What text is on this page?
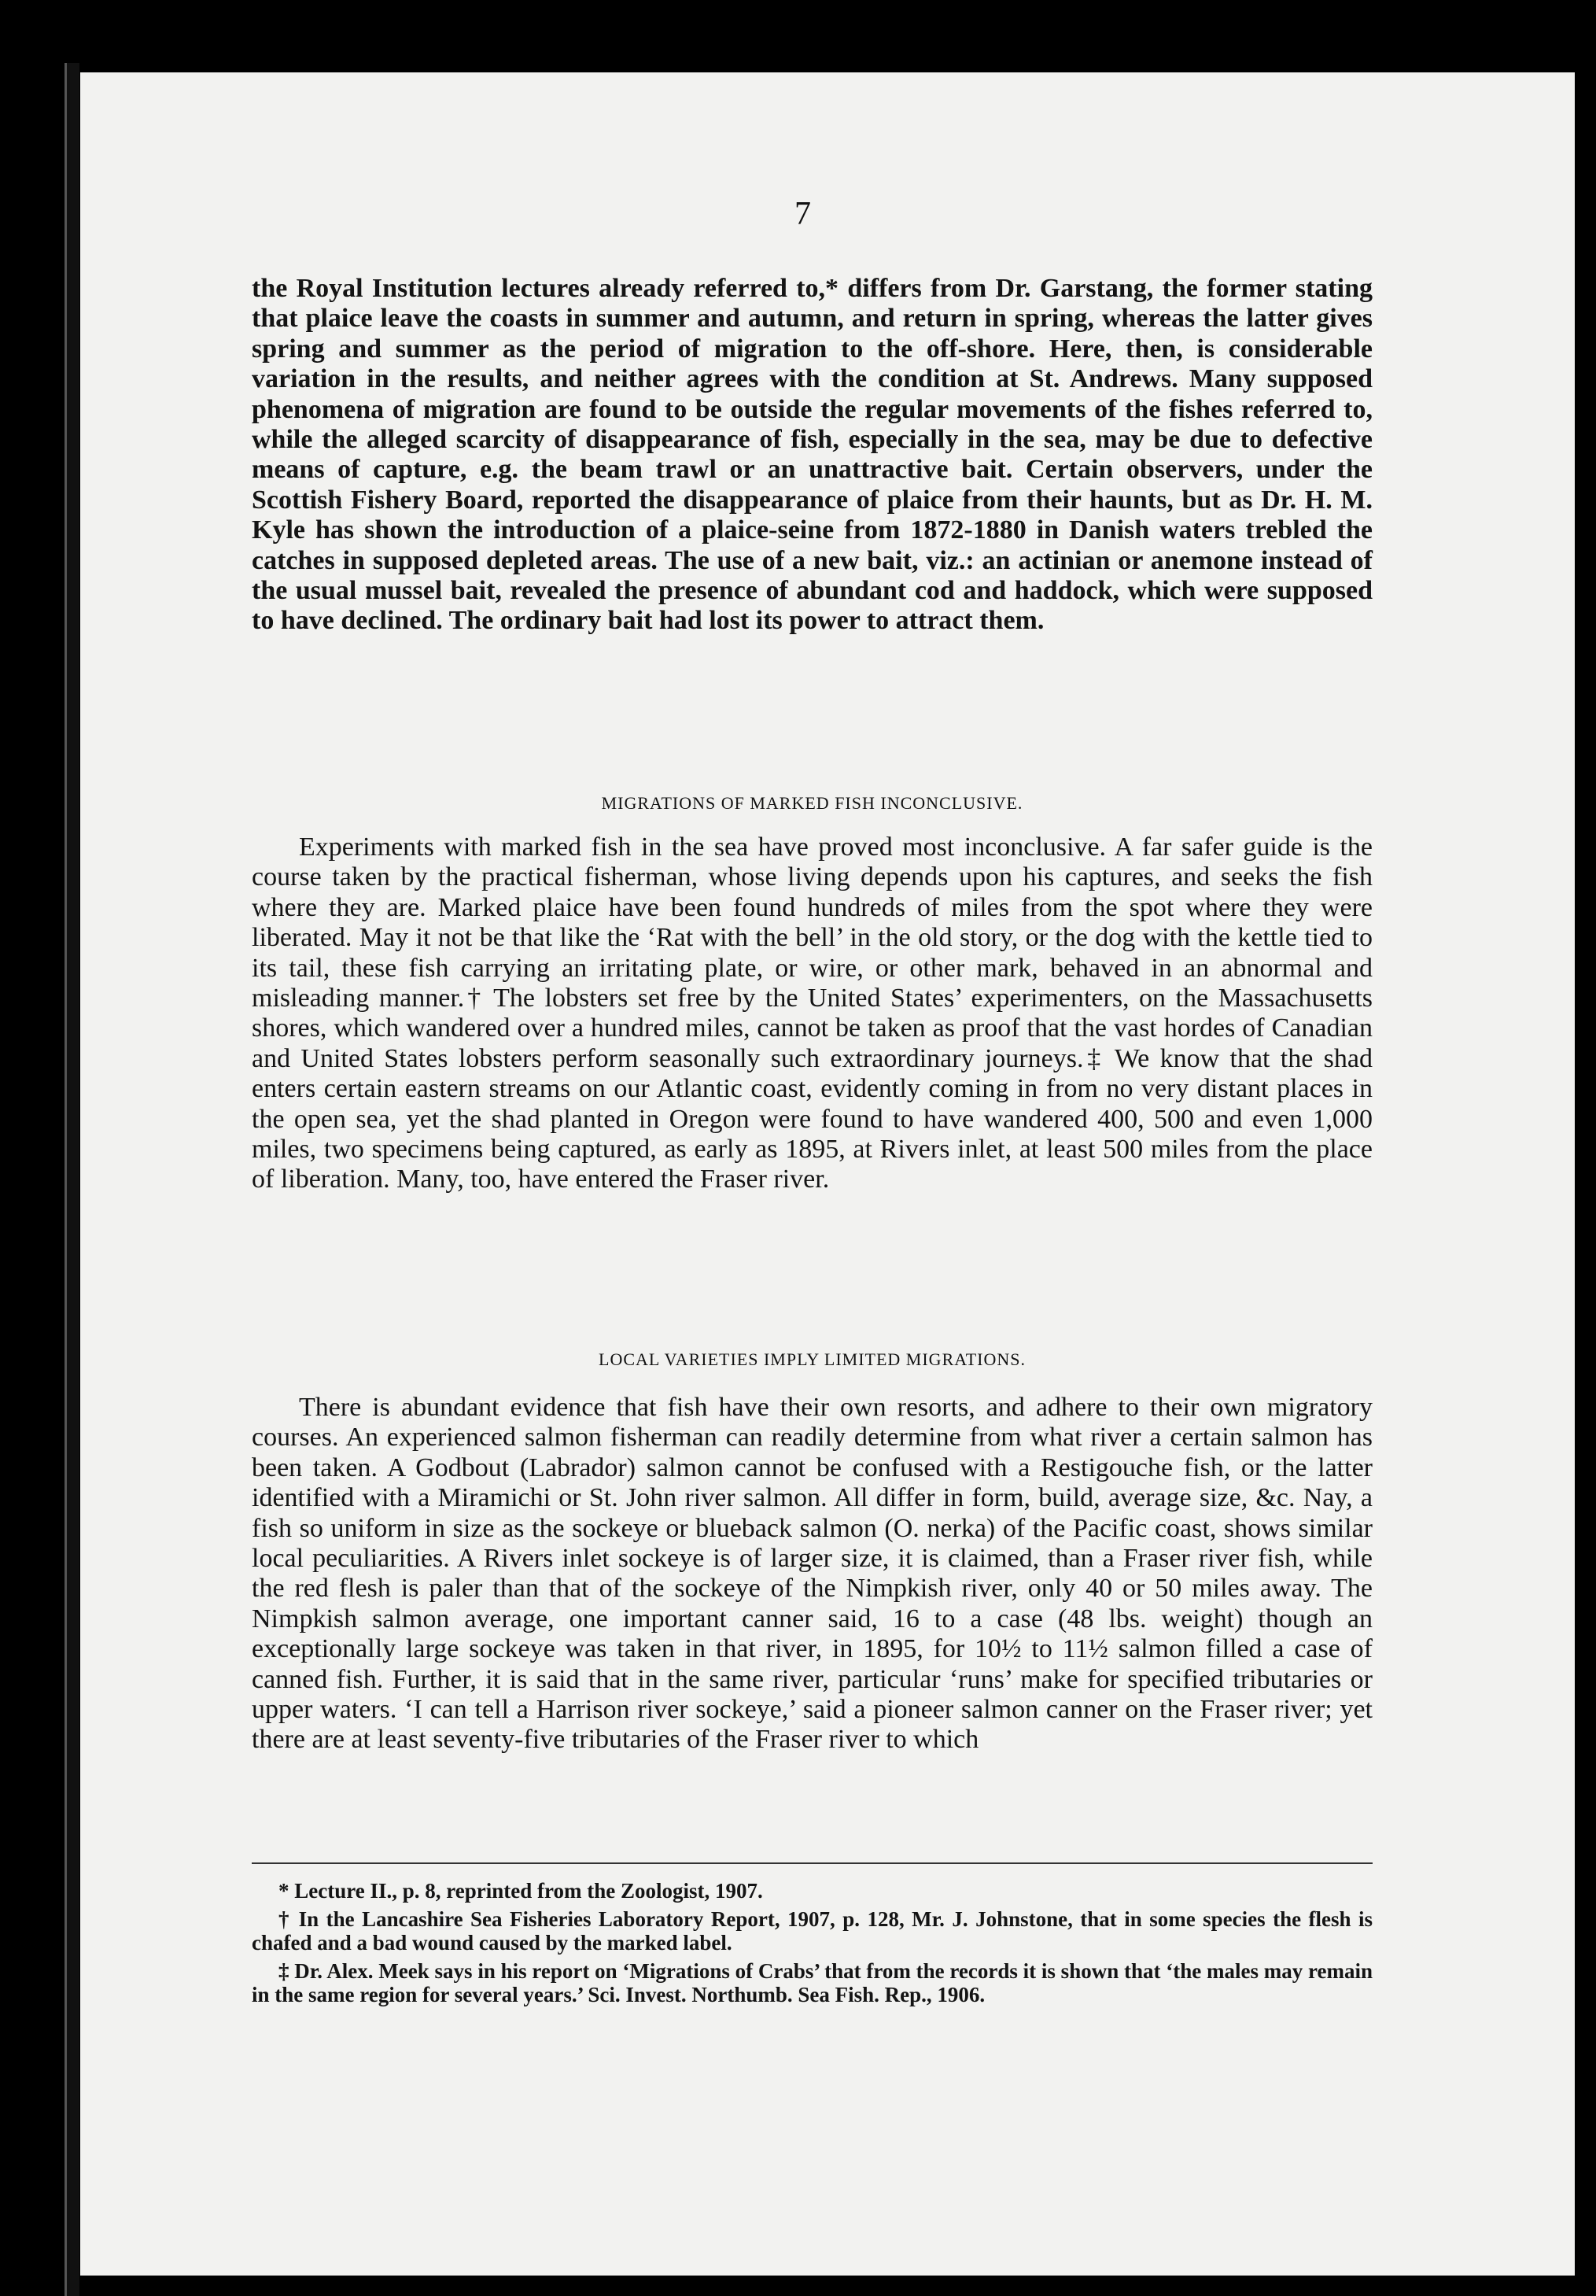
7

the Royal Institution lectures already referred to,* differs from Dr. Garstang, the former stating that plaice leave the coasts in summer and autumn, and return in spring, whereas the latter gives spring and summer as the period of migration to the off-shore. Here, then, is considerable variation in the results, and neither agrees with the condition at St. Andrews. Many supposed phenomena of migration are found to be outside the regular movements of the fishes referred to, while the alleged scarcity of disappearance of fish, especially in the sea, may be due to defective means of capture, e.g. the beam trawl or an unattractive bait. Certain observers, under the Scottish Fishery Board, reported the disappearance of plaice from their haunts, but as Dr. H. M. Kyle has shown the introduction of a plaice-seine from 1872-1880 in Danish waters trebled the catches in supposed depleted areas. The use of a new bait, viz.: an actinian or anemone instead of the usual mussel bait, revealed the presence of abundant cod and haddock, which were supposed to have declined. The ordinary bait had lost its power to attract them.

MIGRATIONS OF MARKED FISH INCONCLUSIVE.

Experiments with marked fish in the sea have proved most inconclusive. A far safer guide is the course taken by the practical fisherman, whose living depends upon his captures, and seeks the fish where they are. Marked plaice have been found hundreds of miles from the spot where they were liberated. May it not be that like the ‘Rat with the bell’ in the old story, or the dog with the kettle tied to its tail, these fish carrying an irritating plate, or wire, or other mark, behaved in an abnormal and misleading manner.† The lobsters set free by the United States’ experimenters, on the Massachusetts shores, which wandered over a hundred miles, cannot be taken as proof that the vast hordes of Canadian and United States lobsters perform seasonally such extraordinary journeys.‡ We know that the shad enters certain eastern streams on our Atlantic coast, evidently coming in from no very distant places in the open sea, yet the shad planted in Oregon were found to have wandered 400, 500 and even 1,000 miles, two specimens being captured, as early as 1895, at Rivers inlet, at least 500 miles from the place of liberation. Many, too, have entered the Fraser river.

LOCAL VARIETIES IMPLY LIMITED MIGRATIONS.

There is abundant evidence that fish have their own resorts, and adhere to their own migratory courses. An experienced salmon fisherman can readily determine from what river a certain salmon has been taken. A Godbout (Labrador) salmon cannot be confused with a Restigouche fish, or the latter identified with a Miramichi or St. John river salmon. All differ in form, build, average size, &c. Nay, a fish so uniform in size as the sockeye or blueback salmon (O. nerka) of the Pacific coast, shows similar local peculiarities. A Rivers inlet sockeye is of larger size, it is claimed, than a Fraser river fish, while the red flesh is paler than that of the sockeye of the Nimpkish river, only 40 or 50 miles away. The Nimpkish salmon average, one important canner said, 16 to a case (48 lbs. weight) though an exceptionally large sockeye was taken in that river, in 1895, for 10½ to 11½ salmon filled a case of canned fish. Further, it is said that in the same river, particular ‘runs’ make for specified tributaries or upper waters. ‘I can tell a Harrison river sockeye,’ said a pioneer salmon canner on the Fraser river; yet there are at least seventy-five tributaries of the Fraser river to which

* Lecture II., p. 8, reprinted from the Zoologist, 1907.

† In the Lancashire Sea Fisheries Laboratory Report, 1907, p. 128, Mr. J. Johnstone, that in some species the flesh is chafed and a bad wound caused by the marked label.

‡ Dr. Alex. Meek says in his report on ‘Migrations of Crabs’ that from the records it is shown that ‘the males may remain in the same region for several years.’ Sci. Invest. Northumb. Sea Fish. Rep., 1906.
